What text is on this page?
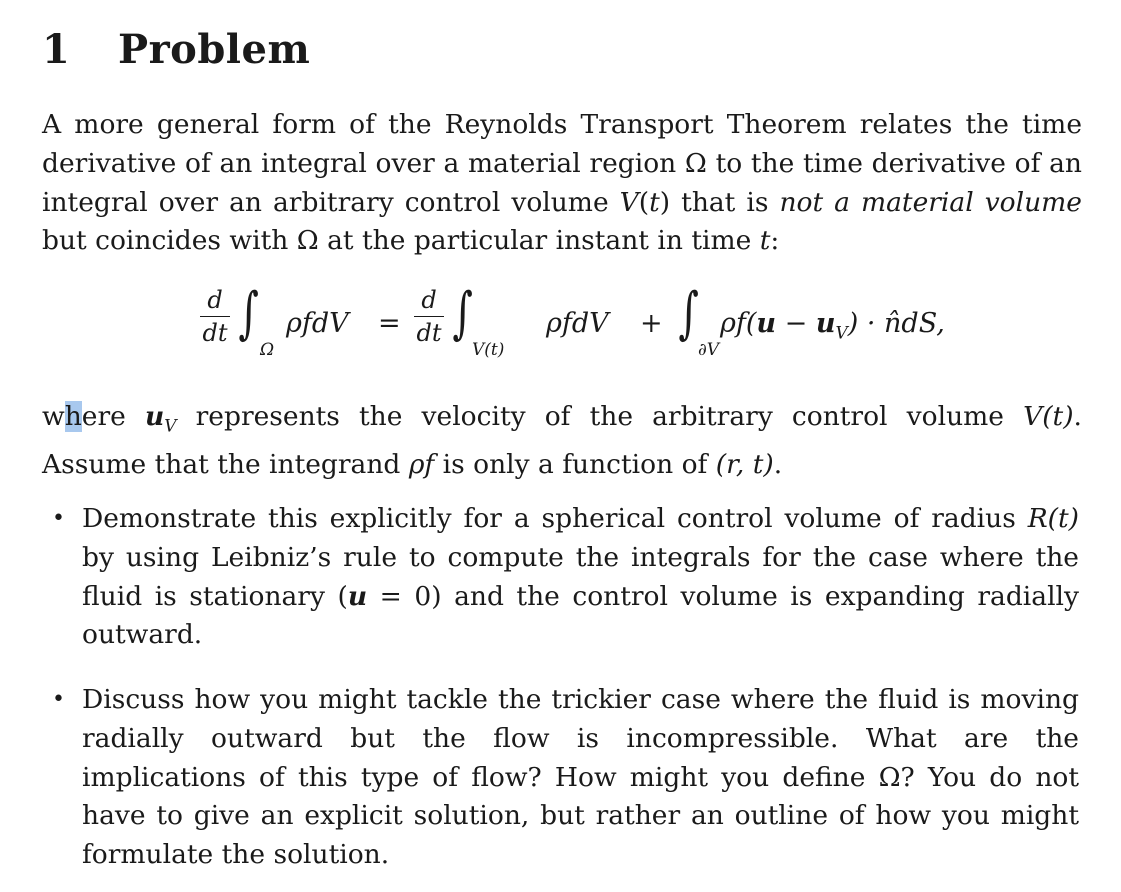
1 Problem
A more general form of the Reynolds Transport Theorem relates the time derivative of an integral over a material region Ω to the time derivative of an integral over an arbitrary control volume V(t) that is not a material volume but coincides with Ω at the particular instant in time t:
d
dt ∫
Ω
ρfdV =
d
dt ∫
V(t)
ρfdV + ∫
∂V
$\rho f(u - u_V)$ · n̂dS,
where $u_V$ represents the velocity of the arbitrary control volume V(t). Assume that the integrand ρf is only a function of (r, t).
• Demonstrate this explicitly for a spherical control volume of radius R(t) by using Leibniz’s rule to compute the integrals for the case where the fluid is stationary (u = 0) and the control volume is expanding radially outward.
• Discuss how you might tackle the trickier case where the fluid is moving radially outward but the flow is incompressible. What are the implications of this type of flow? How might you define Ω? You do not have to give an explicit solution, but rather an outline of how you might formulate the solution.
